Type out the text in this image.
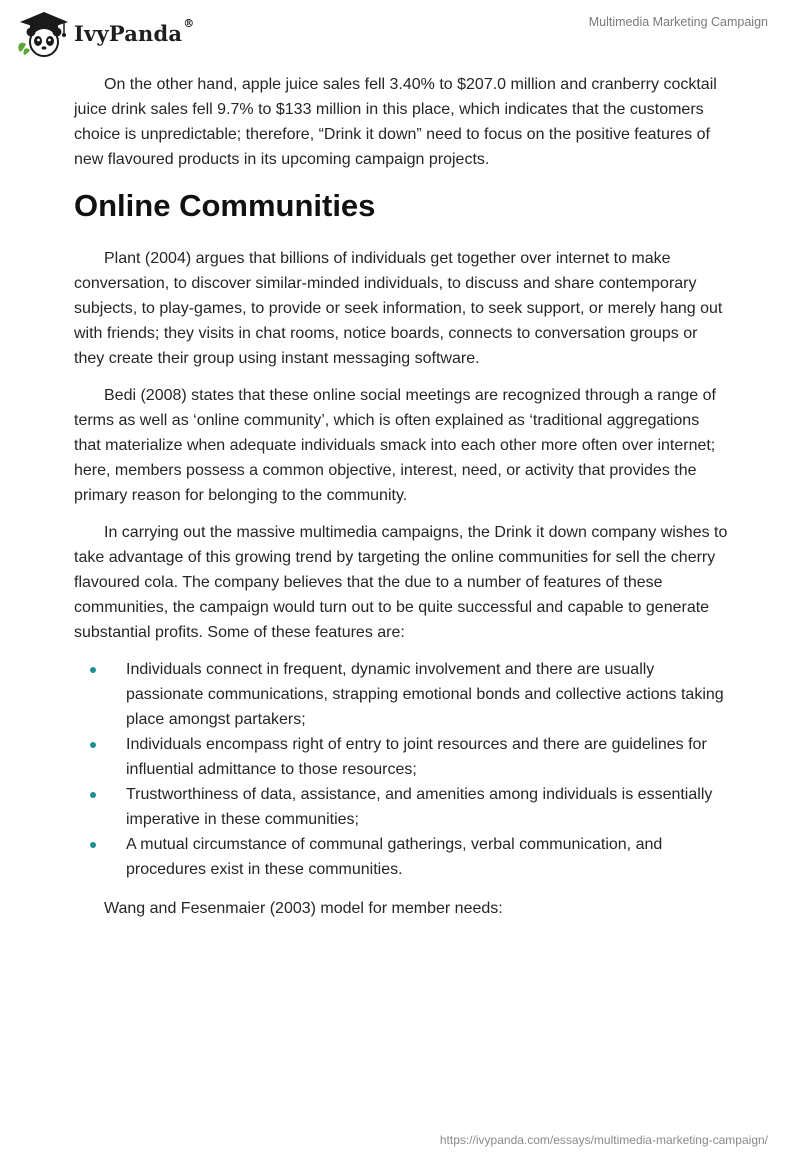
IvyPanda®	Multimedia Marketing Campaign

On the other hand, apple juice sales fell 3.40% to $207.0 million and cranberry cocktail juice drink sales fell 9.7% to $133 million in this place, which indicates that the customers choice is unpredictable; therefore, “Drink it down” need to focus on the positive features of new flavoured products in its upcoming campaign projects.

Online Communities

Plant (2004) argues that billions of individuals get together over internet to make conversation, to discover similar-minded individuals, to discuss and share contemporary subjects, to play-games, to provide or seek information, to seek support, or merely hang out with friends; they visits in chat rooms, notice boards, connects to conversation groups or they create their group using instant messaging software.

Bedi (2008) states that these online social meetings are recognized through a range of terms as well as ‘online community’, which is often explained as ‘traditional aggregations that materialize when adequate individuals smack into each other more often over internet; here, members possess a common objective, interest, need, or activity that provides the primary reason for belonging to the community.

In carrying out the massive multimedia campaigns, the Drink it down company wishes to take advantage of this growing trend by targeting the online communities for sell the cherry flavoured cola. The company believes that the due to a number of features of these communities, the campaign would turn out to be quite successful and capable to generate substantial profits. Some of these features are:

Individuals connect in frequent, dynamic involvement and there are usually passionate communications, strapping emotional bonds and collective actions taking place amongst partakers;
Individuals encompass right of entry to joint resources and there are guidelines for influential admittance to those resources;
Trustworthiness of data, assistance, and amenities among individuals is essentially imperative in these communities;
A mutual circumstance of communal gatherings, verbal communication, and procedures exist in these communities.

Wang and Fesenmaier (2003) model for member needs:

https://ivypanda.com/essays/multimedia-marketing-campaign/
